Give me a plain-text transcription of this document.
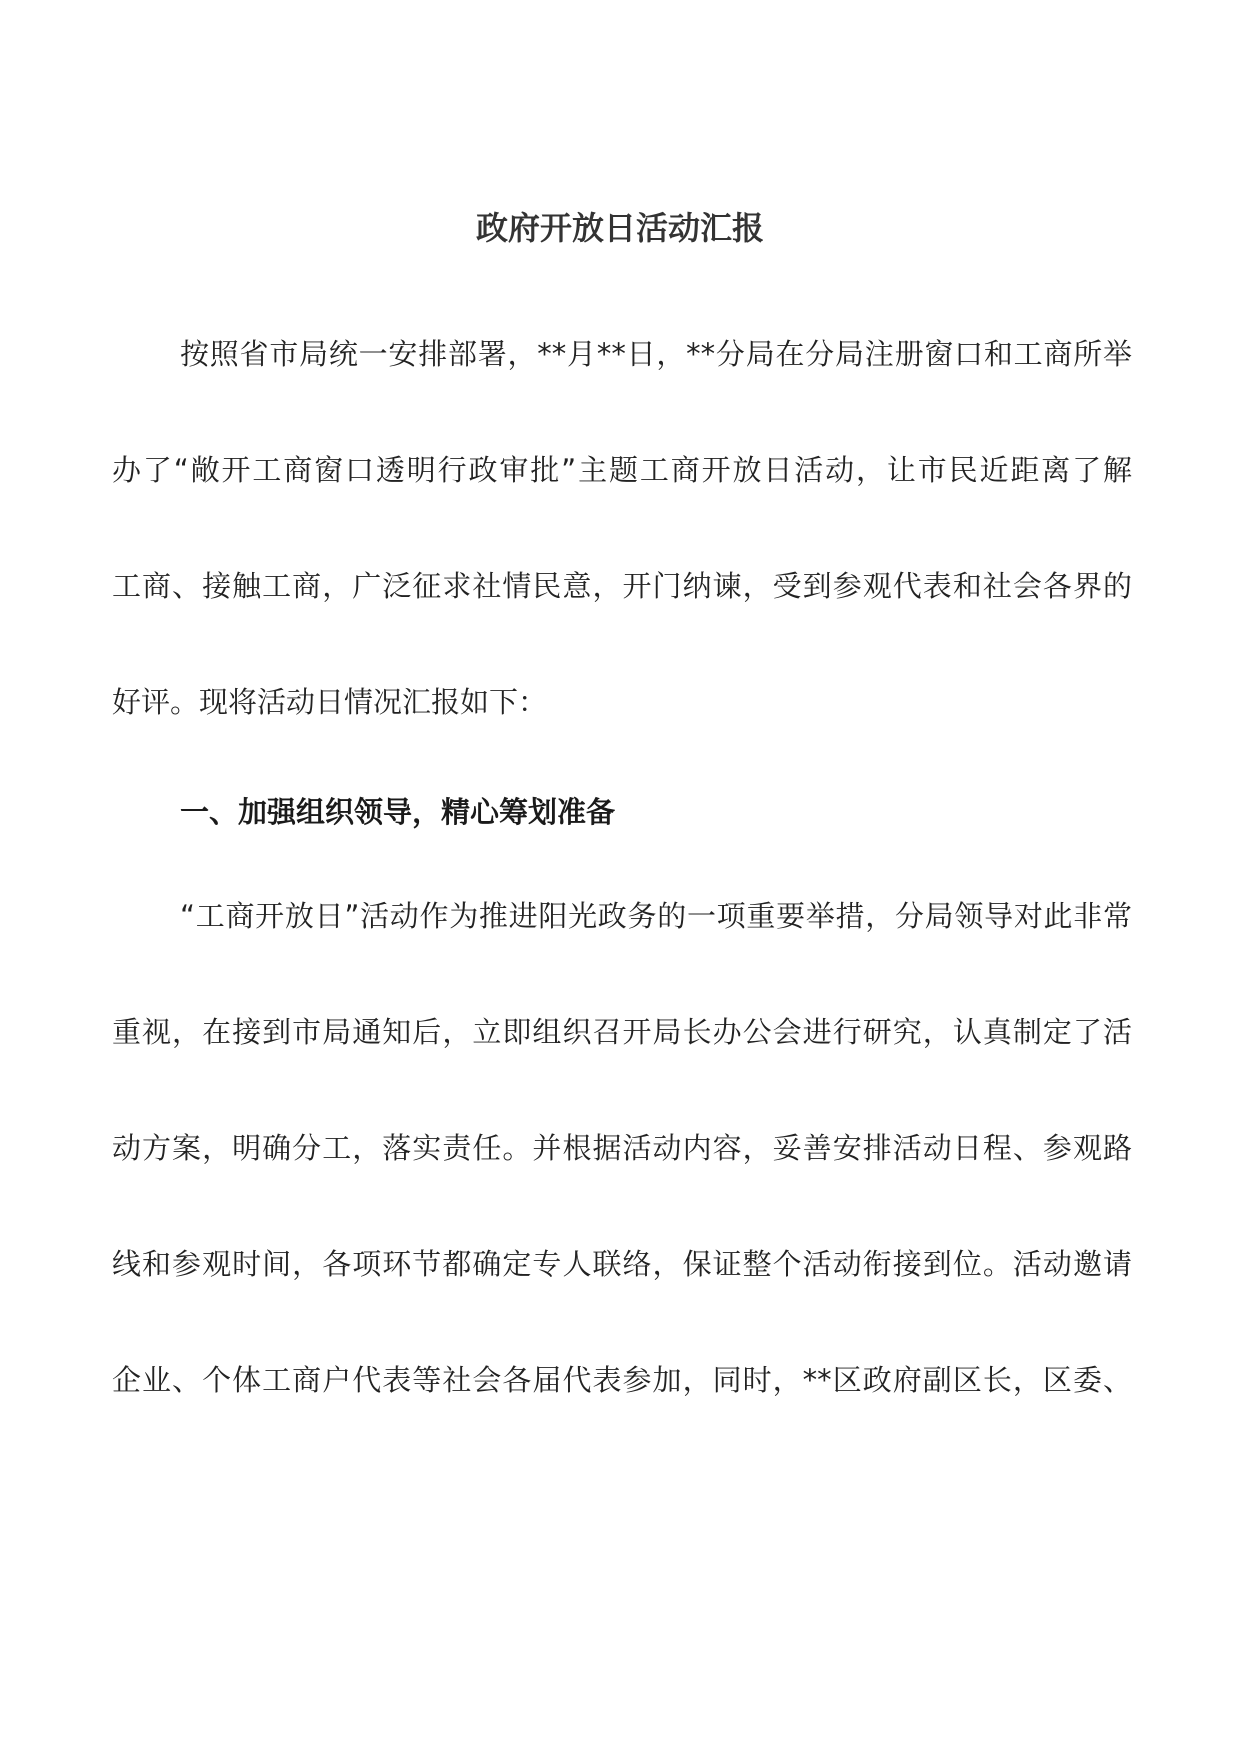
政府开放日活动汇报

按照省市局统一安排部署，**月**日，**分局在分局注册窗口和工商所举

办了“敞开工商窗口透明行政审批”主题工商开放日活动，让市民近距离了解

工商、接触工商，广泛征求社情民意，开门纳谏，受到参观代表和社会各界的

好评。现将活动日情况汇报如下：

一、加强组织领导，精心筹划准备

“工商开放日”活动作为推进阳光政务的一项重要举措，分局领导对此非常

重视，在接到市局通知后，立即组织召开局长办公会进行研究，认真制定了活

动方案，明确分工，落实责任。并根据活动内容，妥善安排活动日程、参观路

线和参观时间，各项环节都确定专人联络，保证整个活动衔接到位。活动邀请

企业、个体工商户代表等社会各届代表参加，同时，**区政府副区长，区委、
